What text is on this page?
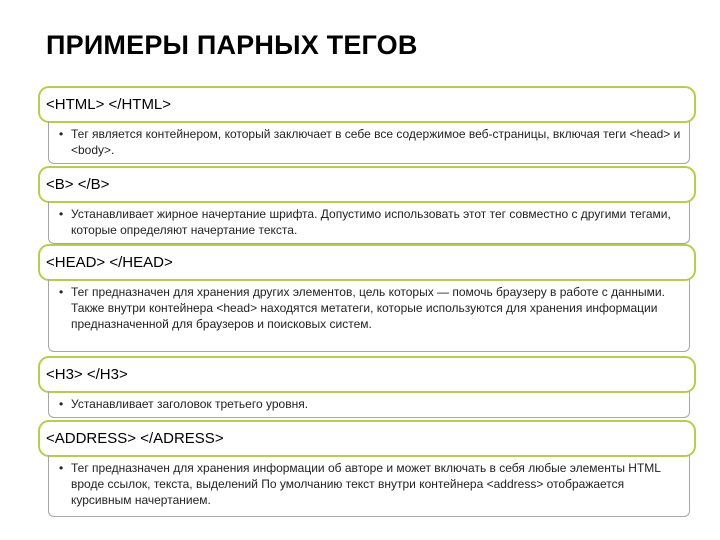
ПРИМЕРЫ ПАРНЫХ ТЕГОВ
<HTML> </HTML>
• Тег является контейнером, который заключает в себе все содержимое веб-страницы, включая теги <head> и <body>.
<B> </B>
• Устанавливает жирное начертание шрифта. Допустимо использовать этот тег совместно с другими тегами, которые определяют начертание текста.
<HEAD> </HEAD>
• Тег предназначен для хранения других элементов, цель которых — помочь браузеру в работе с данными. Также внутри контейнера <head> находятся метатеги, которые используются для хранения информации предназначенной для браузеров и поисковых систем.
<H3> </H3>
• Устанавливает заголовок третьего уровня.
<ADDRESS> </ADRESS>
• Тег предназначен для хранения информации об авторе и может включать в себя любые элементы HTML вроде ссылок, текста, выделений По умолчанию текст внутри контейнера <address> отображается курсивным начертанием.
